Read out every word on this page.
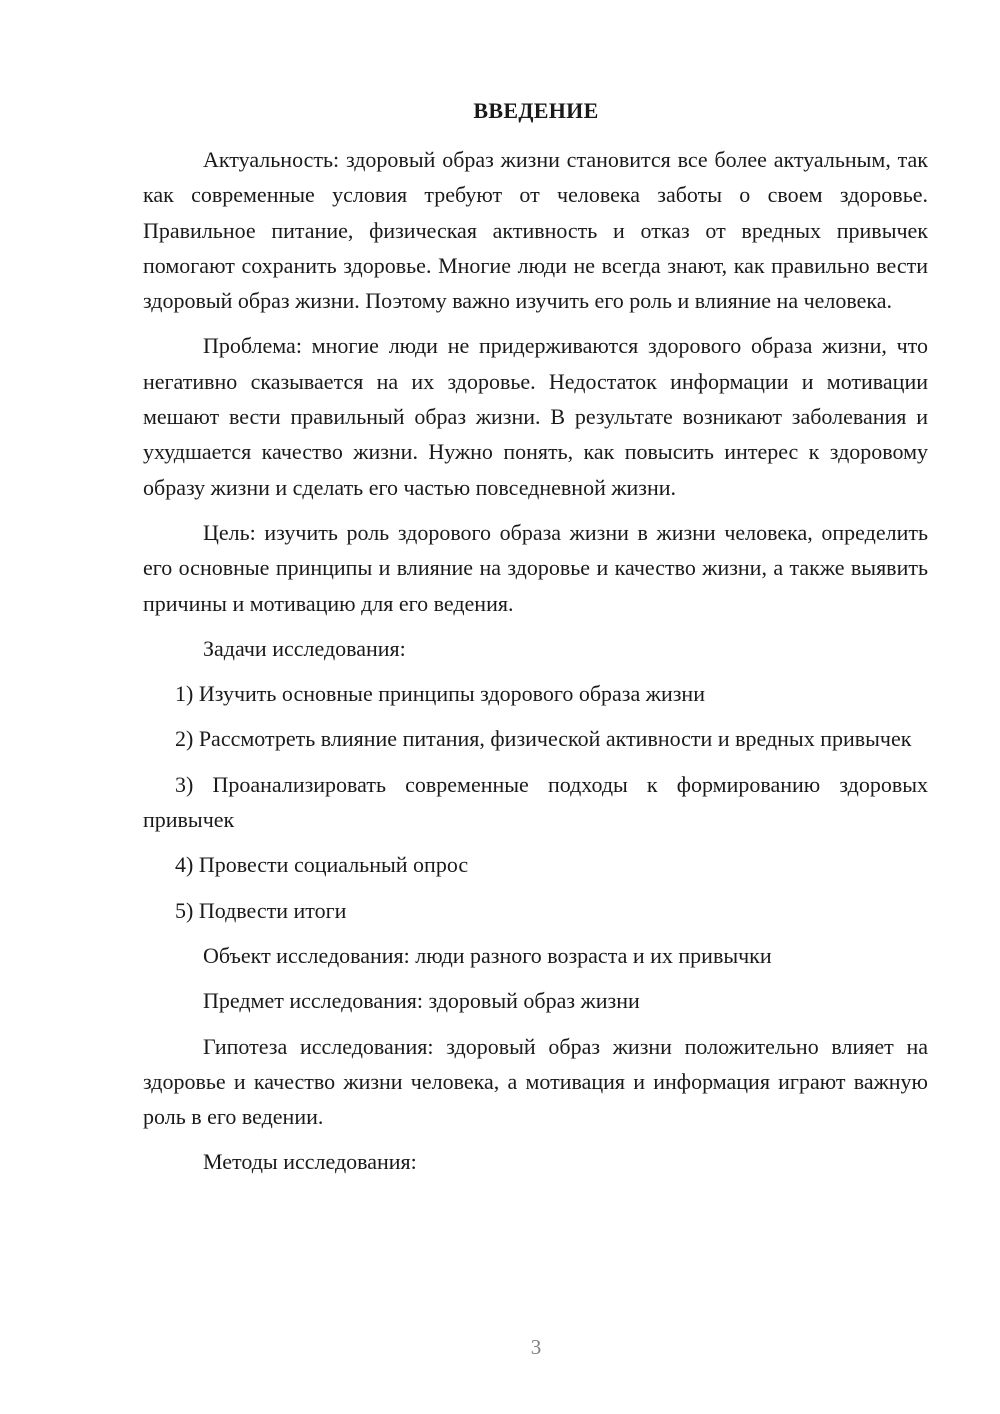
ВВЕДЕНИЕ

Актуальность: здоровый образ жизни становится все более актуальным, так как современные условия требуют от человека заботы о своем здоровье. Правильное питание, физическая активность и отказ от вредных привычек помогают сохранить здоровье. Многие люди не всегда знают, как правильно вести здоровый образ жизни. Поэтому важно изучить его роль и влияние на человека.

Проблема: многие люди не придерживаются здорового образа жизни, что негативно сказывается на их здоровье. Недостаток информации и мотивации мешают вести правильный образ жизни. В результате возникают заболевания и ухудшается качество жизни. Нужно понять, как повысить интерес к здоровому образу жизни и сделать его частью повседневной жизни.

Цель: изучить роль здорового образа жизни в жизни человека, определить его основные принципы и влияние на здоровье и качество жизни, а также выявить причины и мотивацию для его ведения.

Задачи исследования:

1) Изучить основные принципы здорового образа жизни

2) Рассмотреть влияние питания, физической активности и вредных привычек

3) Проанализировать современные подходы к формированию здоровых привычек

4) Провести социальный опрос

5) Подвести итоги

Объект исследования: люди разного возраста и их привычки

Предмет исследования: здоровый образ жизни

Гипотеза исследования: здоровый образ жизни положительно влияет на здоровье и качество жизни человека, а мотивация и информация играют важную роль в его ведении.

Методы исследования:

3
